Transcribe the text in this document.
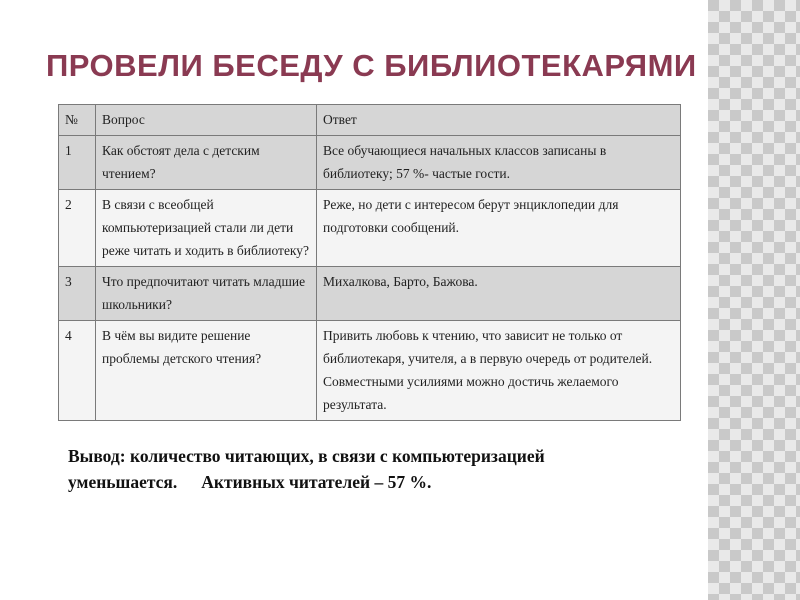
ПРОВЕЛИ БЕСЕДУ С БИБЛИОТЕКАРЯМИ
№	Вопрос	Ответ
1	Как обстоят дела с детским чтением?	Все обучающиеся начальных классов записаны в библиотеку; 57 %- частые гости.
2	В связи с всеобщей компьютеризацией стали ли дети реже читать и ходить в библиотеку?	Реже, но дети с интересом берут энциклопедии для подготовки сообщений.
3	Что предпочитают читать младшие школьники?	Михалкова, Барто, Бажова.
4	В чём вы видите решение проблемы детского чтения?	Привить любовь к чтению, что зависит не только от библиотекаря, учителя, а в первую очередь от родителей. Совместными усилиями можно достичь желаемого результата.

Вывод: количество читающих, в связи с компьютеризацией
уменьшается. Активных читателей – 57 %.
